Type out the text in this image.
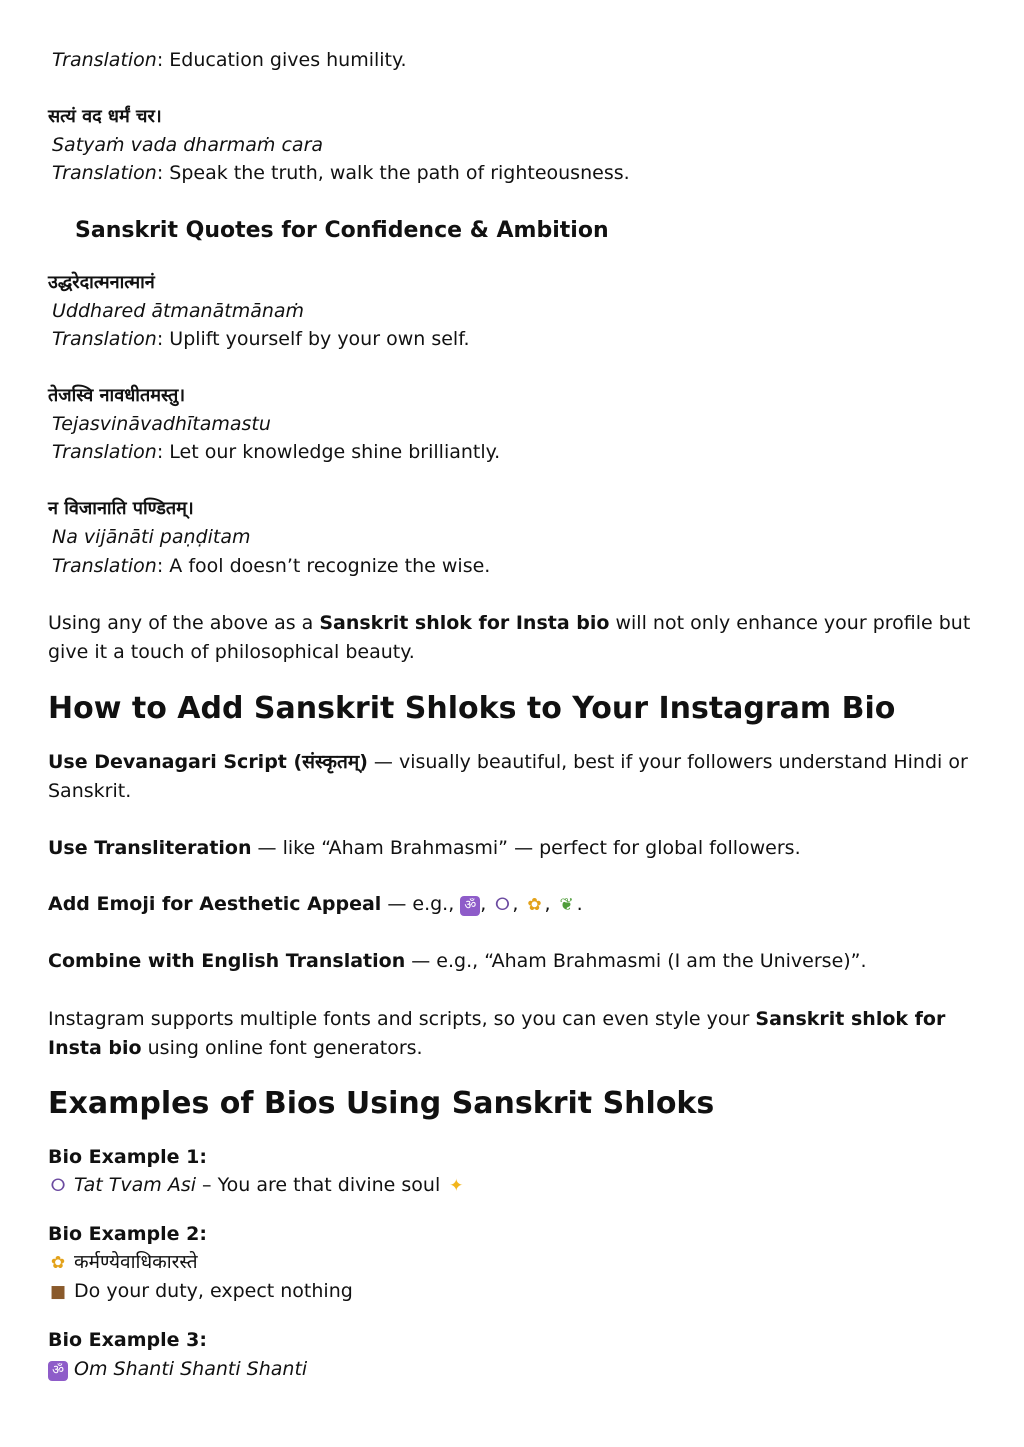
Translation: Education gives humility.
सत्यं वद धर्मं चर।
Satyaṁ vada dharmaṁ cara
Translation: Speak the truth, walk the path of righteousness.
Sanskrit Quotes for Confidence & Ambition
उद्धरेदात्मनात्मानं
Uddhared ātmanātmānaṁ
Translation: Uplift yourself by your own self.
तेजस्वि नावधीतमस्तु।
Tejasvināvadhītamastu
Translation: Let our knowledge shine brilliantly.
न विजानाति पण्डितम्।
Na vijānāti paṇḍitam
Translation: A fool doesn’t recognize the wise.
Using any of the above as a Sanskrit shlok for Insta bio will not only enhance your profile but give it a touch of philosophical beauty.
How to Add Sanskrit Shloks to Your Instagram Bio
Use Devanagari Script (संस्कृतम्) — visually beautiful, best if your followers understand Hindi or Sanskrit.
Use Transliteration — like “Aham Brahmasmi” — perfect for global followers.
Add Emoji for Aesthetic Appeal — e.g., ॐ , ⵔ , ✿ , ❦ .
Combine with English Translation — e.g., “Aham Brahmasmi (I am the Universe)”.
Instagram supports multiple fonts and scripts, so you can even style your Sanskrit shlok for Insta bio using online font generators.
Examples of Bios Using Sanskrit Shloks
Bio Example 1:
ⵔ Tat Tvam Asi – You are that divine soul ✦
Bio Example 2:
✿ कर्मण्येवाधिकारस्ते
■ Do your duty, expect nothing
Bio Example 3:
ॐ Om Shanti Shanti Shanti
